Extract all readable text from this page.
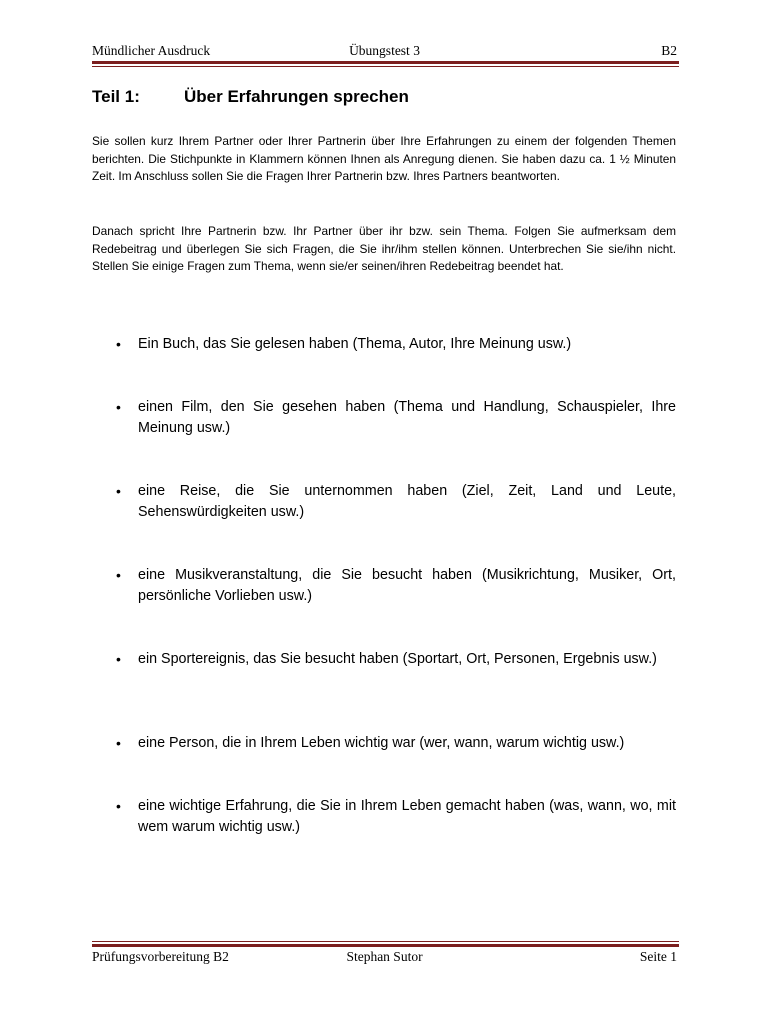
Mündlicher Ausdruck	Übungstest 3	B2
Teil 1:	Über Erfahrungen sprechen
Sie sollen kurz Ihrem Partner oder Ihrer Partnerin über Ihre Erfahrungen zu einem der folgenden Themen berichten. Die Stichpunkte in Klammern können Ihnen als Anregung dienen. Sie haben dazu ca. 1 ½ Minuten Zeit. Im Anschluss sollen Sie die Fragen Ihrer Partnerin bzw. Ihres Partners beantworten.
Danach spricht Ihre Partnerin bzw. Ihr Partner über ihr bzw. sein Thema. Folgen Sie aufmerksam dem Redebeitrag und überlegen Sie sich Fragen, die Sie ihr/ihm stellen können. Unterbrechen Sie sie/ihn nicht. Stellen Sie einige Fragen zum Thema, wenn sie/er seinen/ihren Redebeitrag beendet hat.
• Ein Buch, das Sie gelesen haben (Thema, Autor, Ihre Meinung usw.)
• einen Film, den Sie gesehen haben (Thema und Handlung, Schauspieler, Ihre Meinung usw.)
• eine Reise, die Sie unternommen haben (Ziel, Zeit, Land und Leute, Sehenswürdigkeiten usw.)
• eine Musikveranstaltung, die Sie besucht haben (Musikrichtung, Musiker, Ort, persönliche Vorlieben usw.)
• ein Sportereignis, das Sie besucht haben (Sportart, Ort, Personen, Ergebnis usw.)
• eine Person, die in Ihrem Leben wichtig war (wer, wann, warum wichtig usw.)
• eine wichtige Erfahrung, die Sie in Ihrem Leben gemacht haben (was, wann, wo, mit wem warum wichtig usw.)
Prüfungsvorbereitung B2	Stephan Sutor	Seite 1
